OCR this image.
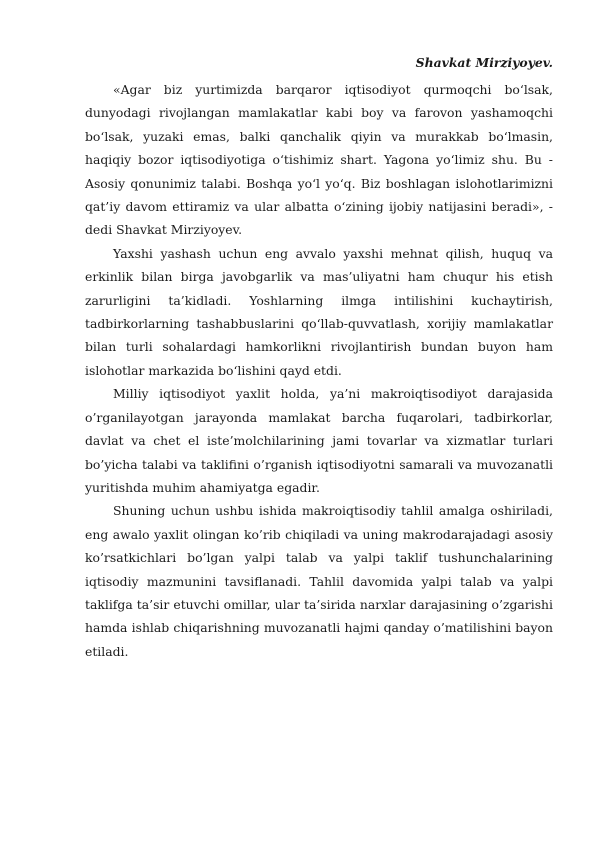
Shavkat Mirziyoyev.

«Agar biz yurtimizda barqaror iqtisodiyot qurmoqchi bo‘lsak, dunyodagi rivojlangan mamlakatlar kabi boy va farovon yashamoqchi bo‘lsak, yuzaki emas, balki qanchalik qiyin va murakkab bo‘lmasin, haqiqiy bozor iqtisodiyotiga o‘tishimiz shart. Yagona yo‘limiz shu. Bu - Asosiy qonunimiz talabi. Boshqa yo‘l yo‘q. Biz boshlagan islohotlarimizni qat’iy davom ettiramiz va ular albatta o‘zining ijobiy natijasini beradi», - dedi Shavkat Mirziyoyev.

Yaxshi yashash uchun eng avvalo yaxshi mehnat qilish, huquq va erkinlik bilan birga javobgarlik va mas’uliyatni ham chuqur his etish zarurligini ta’kidladi. Yoshlarning ilmga intilishini kuchaytirish, tadbirkorlarning tashabbuslarini qo‘llab-quvvatlash, xorijiy mamlakatlar bilan turli sohalardagi hamkorlikni rivojlantirish bundan buyon ham islohotlar markazida bo‘lishini qayd etdi.

Milliy iqtisodiyot yaxlit holda, ya’ni makroiqtisodiyot darajasida o’rganilayotgan jarayonda mamlakat barcha fuqarolari, tadbirkorlar, davlat va chet el iste’molchilarining jami tovarlar va xizmatlar turlari bo’yicha talabi va taklifini o’rganish iqtisodiyotni samarali va muvozanatli yuritishda muhim ahamiyatga egadir.

Shuning uchun ushbu ishida makroiqtisodiy tahlil amalga oshiriladi, eng awalo yaxlit olingan ko’rib chiqiladi va uning makrodarajadagi asosiy ko’rsatkichlari bo’lgan yalpi talab va yalpi taklif tushunchalarining iqtisodiy mazmunini tavsiflanadi. Tahlil davomida yalpi talab va yalpi taklifga ta’sir etuvchi omillar, ular ta’sirida narxlar darajasining o’zgarishi hamda ishlab chiqarishning muvozanatli hajmi qanday o’matilishini bayon etiladi.
